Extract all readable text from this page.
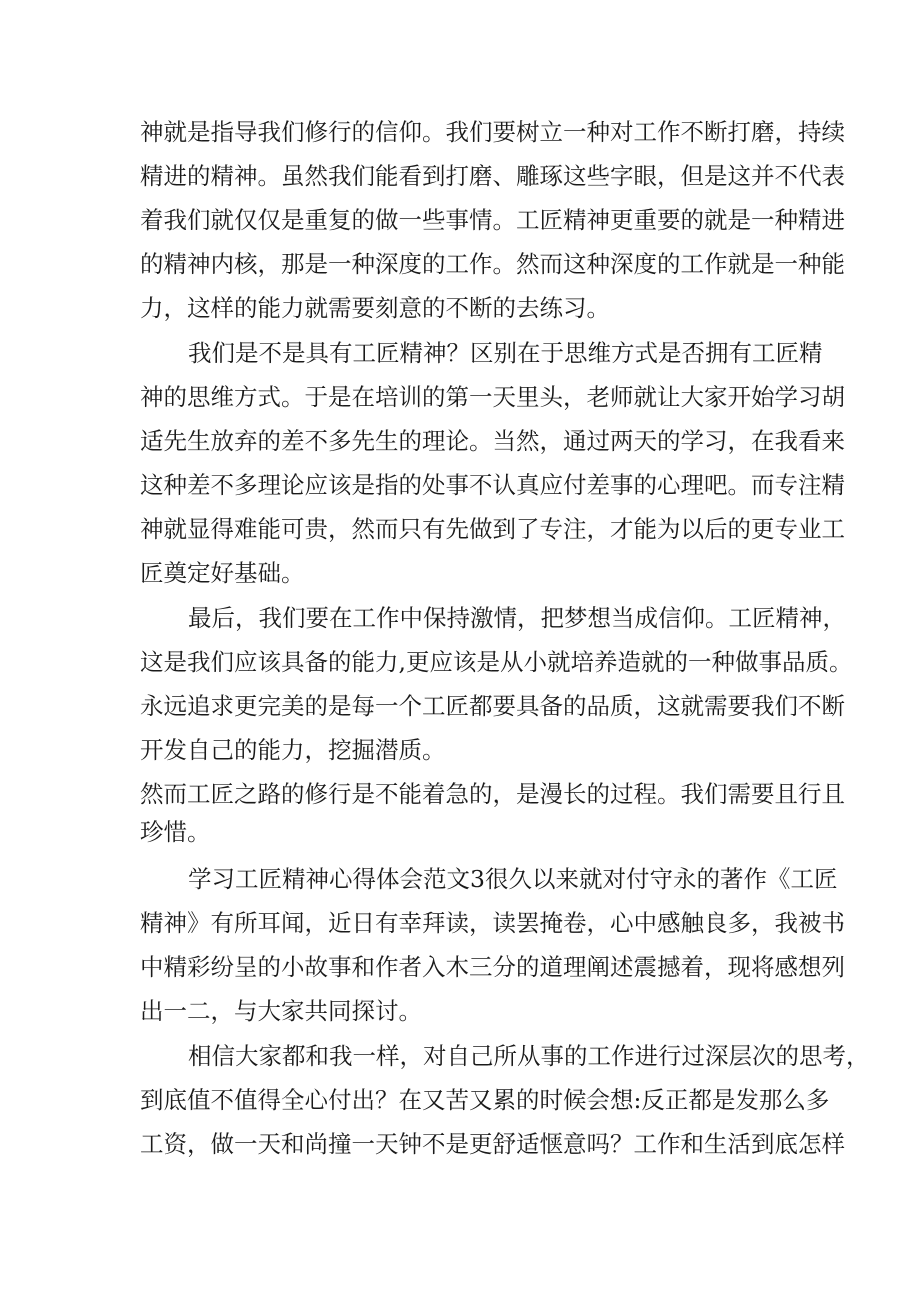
神就是指导我们修行的信仰。我们要树立一种对工作不断打磨，持续
精进的精神。虽然我们能看到打磨、雕琢这些字眼，但是这并不代表
着我们就仅仅是重复的做一些事情。工匠精神更重要的就是一种精进
的精神内核，那是一种深度的工作。然而这种深度的工作就是一种能
力，这样的能力就需要刻意的不断的去练习。
我们是不是具有工匠精神？区别在于思维方式是否拥有工匠精
神的思维方式。于是在培训的第一天里头，老师就让大家开始学习胡
适先生放弃的差不多先生的理论。当然，通过两天的学习，在我看来
这种差不多理论应该是指的处事不认真应付差事的心理吧。而专注精
神就显得难能可贵，然而只有先做到了专注，才能为以后的更专业工
匠奠定好基础。
最后，我们要在工作中保持激情，把梦想当成信仰。工匠精神，
这是我们应该具备的能力,更应该是从小就培养造就的一种做事品质。
永远追求更完美的是每一个工匠都要具备的品质，这就需要我们不断
开发自己的能力，挖掘潜质。
然而工匠之路的修行是不能着急的，是漫长的过程。我们需要且行且
珍惜。
学习工匠精神心得体会范文3很久以来就对付守永的著作《工匠
精神》有所耳闻，近日有幸拜读，读罢掩卷，心中感触良多，我被书
中精彩纷呈的小故事和作者入木三分的道理阐述震撼着，现将感想列
出一二，与大家共同探讨。
相信大家都和我一样，对自己所从事的工作进行过深层次的思考，
到底值不值得全心付出？在又苦又累的时候会想:反正都是发那么多
工资，做一天和尚撞一天钟不是更舒适惬意吗？工作和生活到底怎样
